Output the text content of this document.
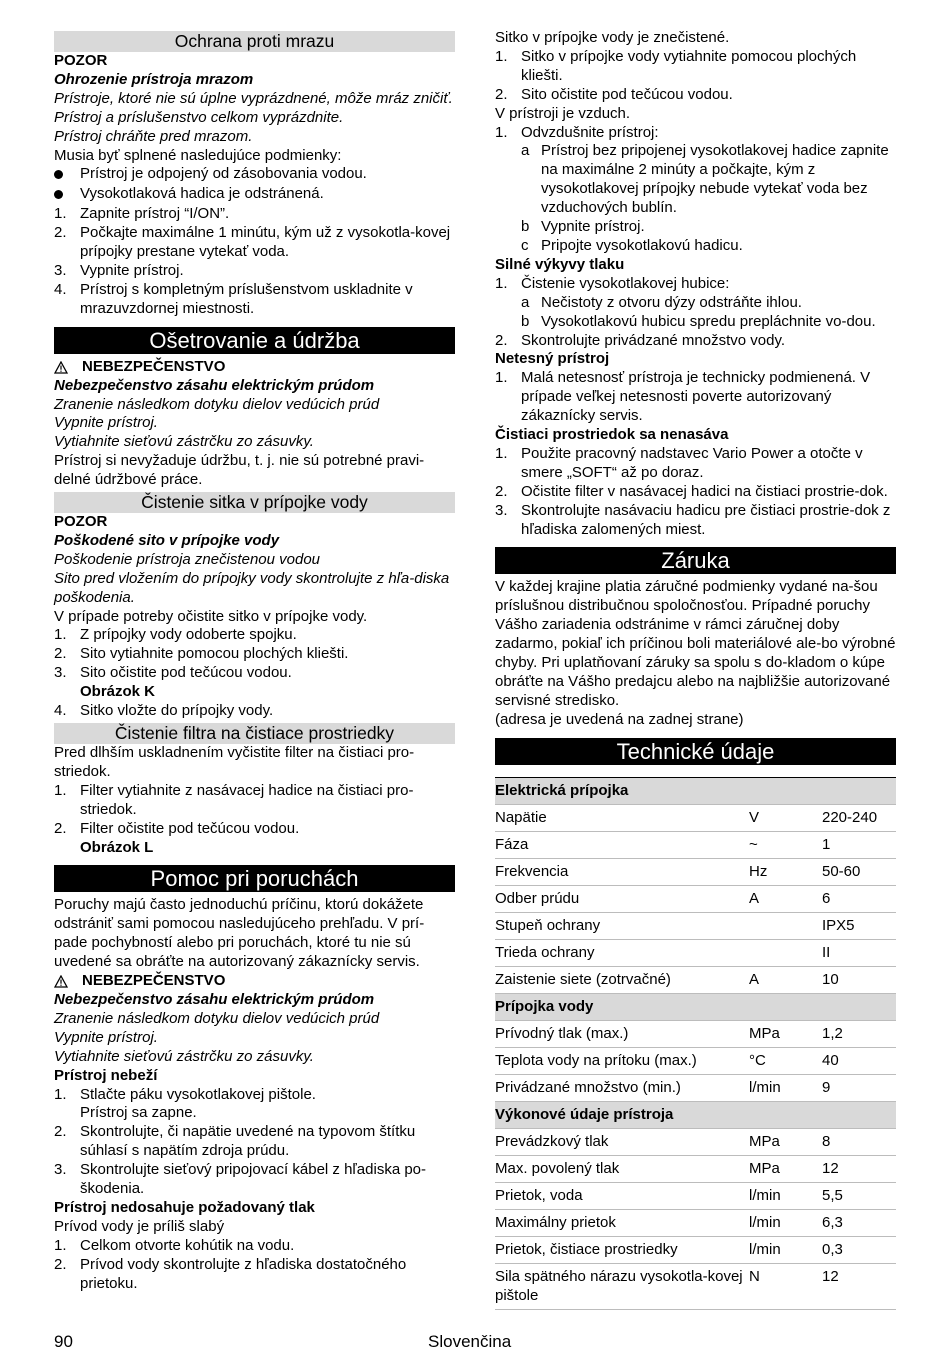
Ochrana proti mrazu

POZOR

Ohrozenie prístroja mrazom

Prístroje, ktoré nie sú úplne vyprázdnené, môže mráz zničiť.

Prístroj a príslušenstvo celkom vyprázdnite.

Prístroj chráňte pred mrazom.

Musia byť splnené nasledujúce podmienky:

Prístroj je odpojený od zásobovania vodou.
Vysokotlaková hadica je odstránená.
1. Zapnite prístroj “I/ON”.
2. Počkajte maximálne 1 minútu, kým už z vysokotla-kovej prípojky prestane vytekať voda.
3. Vypnite prístroj.
4. Prístroj s kompletným príslušenstvom uskladnite v mrazuvzdornej miestnosti.
Ošetrovanie a údržba
NEBEZPEČENSTVO

Nebezpečenstvo zásahu elektrickým prúdom

Zranenie následkom dotyku dielov vedúcich prúd

Vypnite prístroj.

Vytiahnite sieťovú zástrčku zo zásuvky.

Prístroj si nevyžaduje údržbu, t. j. nie sú potrebné pravi-delné údržbové práce.

Čistenie sitka v prípojke vody

POZOR

Poškodené sito v prípojke vody

Poškodenie prístroja znečistenou vodou

Sito pred vložením do prípojky vody skontrolujte z hľa-diska poškodenia.

V prípade potreby očistite sitko v prípojke vody.

1. Z prípojky vody odoberte spojku.
2. Sito vytiahnite pomocou plochých kliešti.
3. Sito očistite pod tečúcou vodou.

Obrázok K

4. Sitko vložte do prípojky vody.
Čistenie filtra na čistiace prostriedky

Pred dlhším uskladnením vyčistite filter na čistiaci pro-striedok.

1. Filter vytiahnite z nasávacej hadice na čistiaci pro-striedok.
2. Filter očistite pod tečúcou vodou.

Obrázok L

Pomoc pri poruchách

Poruchy majú často jednoduchú príčinu, ktorú dokážete odstrániť sami pomocou nasledujúceho prehľadu. V prí-pade pochybností alebo pri poruchách, ktoré tu nie sú uvedené sa obráťte na autorizovaný zákaznícky servis.

NEBEZPEČENSTVO

Nebezpečenstvo zásahu elektrickým prúdom

Zranenie následkom dotyku dielov vedúcich prúd

Vypnite prístroj.

Vytiahnite sieťovú zástrčku zo zásuvky.

Prístroj nebeží

1. Stlačte páku vysokotlakovej pištole.
Prístroj sa zapne.
2. Skontrolujte, či napätie uvedené na typovom štítku súhlasí s napätím zdroja prúdu.
3. Skontrolujte sieťový pripojovací kábel z hľadiska po-škodenia.

Prístroj nedosahuje požadovaný tlak

Prívod vody je príliš slabý

1. Celkom otvorte kohútik na vodu.
2. Prívod vody skontrolujte z hľadiska dostatočného prietoku.

Sitko v prípojke vody je znečistené.

1. Sitko v prípojke vody vytiahnite pomocou plochých kliešti.
2. Sito očistite pod tečúcou vodou.

V prístroji je vzduch.

1. Odvzdušnite prístroj:
a Prístroj bez pripojenej vysokotlakovej hadice zapnite na maximálne 2 minúty a počkajte, kým z vysokotlakovej prípojky nebude vytekať voda bez vzduchových bublín.
b Vypnite prístroj.
c Pripojte vysokotlakovú hadicu.

Silné výkyvy tlaku

1. Čistenie vysokotlakovej hubice:
a Nečistoty z otvoru dýzy odstráňte ihlou.
b Vysokotlakovú hubicu spredu prepláchnite vo-dou.
2. Skontrolujte privádzané množstvo vody.

Netesný prístroj

1. Malá netesnosť prístroja je technicky podmienená. V prípade veľkej netesnosti poverte autorizovaný zákaznícky servis.

Čistiaci prostriedok sa nenasáva

1. Použite pracovný nadstavec Vario Power a otočte v smere „SOFT“ až po doraz.
2. Očistite filter v nasávacej hadici na čistiaci prostrie-dok.
3. Skontrolujte nasávaciu hadicu pre čistiaci prostrie-dok z hľadiska zalomených miest.
Záruka

V každej krajine platia záručné podmienky vydané na-šou príslušnou distribučnou spoločnosťou. Prípadné poruchy Vášho zariadenia odstránime v rámci záručnej doby zadarmo, pokiaľ ich príčinou boli materiálové ale-bo výrobné chyby. Pri uplatňovaní záruky sa spolu s do-kladom o kúpe obráťte na Vášho predajcu alebo na najbližšie autorizované servisné stredisko.

(adresa je uvedená na zadnej strane)

Technické údaje
Elektrická prípojka		
Napätie	V	220-240
Fáza	~	1
Frekvencia	Hz	50-60
Odber prúdu	A	6
Stupeň ochrany		IPX5
Trieda ochrany		II
Zaistenie siete (zotrvačné)	A	10
Prípojka vody		
Prívodný tlak (max.)	MPa	1,2
Teplota vody na prítoku (max.)	°C	40
Privádzané množstvo (min.)	l/min	9
Výkonové údaje prístroja		
Prevádzkový tlak	MPa	8
Max. povolený tlak	MPa	12
Prietok, voda	l/min	5,5
Maximálny prietok	l/min	6,3
Prietok, čistiace prostriedky	l/min	0,3
Sila spätného nárazu vysokotla-kovej pištole	N	12
90	Slovenčina
